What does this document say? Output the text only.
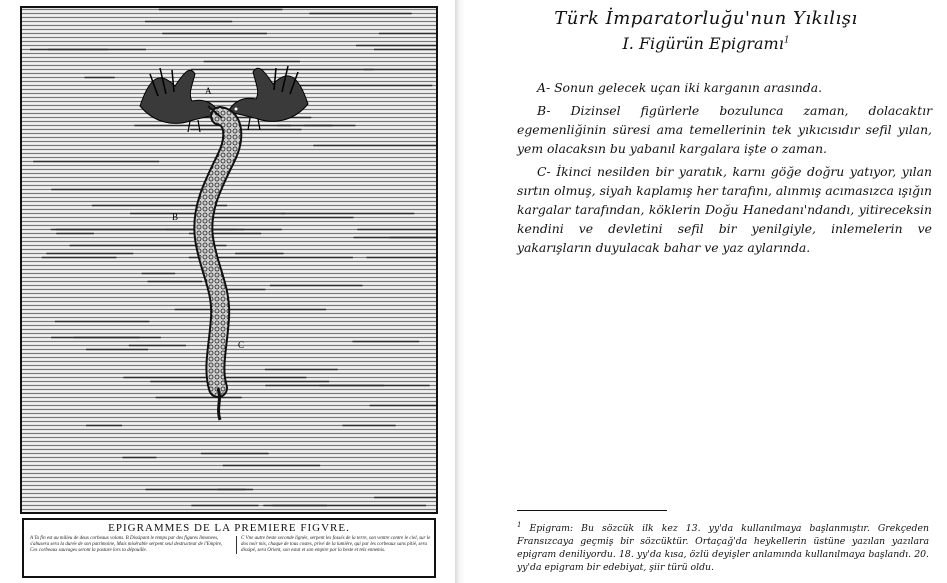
A
B
C
EPIGRAMMES DE LA PREMIERE FIGVRE.
A Ta fin est au milieu de deux corbeaux volans. B Dissipant le temps par des figures limonees, s'abusera sera la durée de son patrimoine, Mais misérable serpent seul destructeur de l'Empire, Ces corbeaux sauvages seront la pasture lors ta dépouille.
C Vne autre beste seconde lignée, serpent les fossés de la terre, son ventre contre le ciel, sur le dos noir mis, chaque de tous costes, privé de la lumière, qui par les corbeaux sans pitié, sera dissipé, sera Orient, son estat et son empire par la beste et tels ennemis.
Türk İmparatorluğu'nun Yıkılışı
I. Figürün Epigramı$^1$

A- Sonun gelecek uçan iki karganın arasında.

B- Dizinsel figürlerle bozulunca zaman, dolacaktır egemenliğinin süresi ama temellerinin tek yıkıcısıdır sefil yılan, yem olacaksın bu yabanıl kargalara işte o zaman.

C- İkinci nesilden bir yaratık, karnı göğe doğru yatıyor, yılan sırtın olmuş, siyah kaplamış her tarafını, alınmış acımasızca ışığın kargalar tarafından, köklerin Doğu Hanedanı'ndandı, yitireceksin kendini ve devletini sefil bir yenilgiyle, inlemelerin ve yakarışların duyulacak bahar ve yaz aylarında.

$^1$ Epigram: Bu sözcük ilk kez 13. yy'da kullanılmaya başlanmıştır. Grekçeden Fransızcaya geçmiş bir sözcüktür. Ortaçağ'da heykellerin üstüne yazılan yazılara epigram deniliyordu. 18. yy'da kısa, özlü deyişler anlamında kullanılmaya başlandı. 20. yy'da epigram bir edebiyat, şiir türü oldu.
